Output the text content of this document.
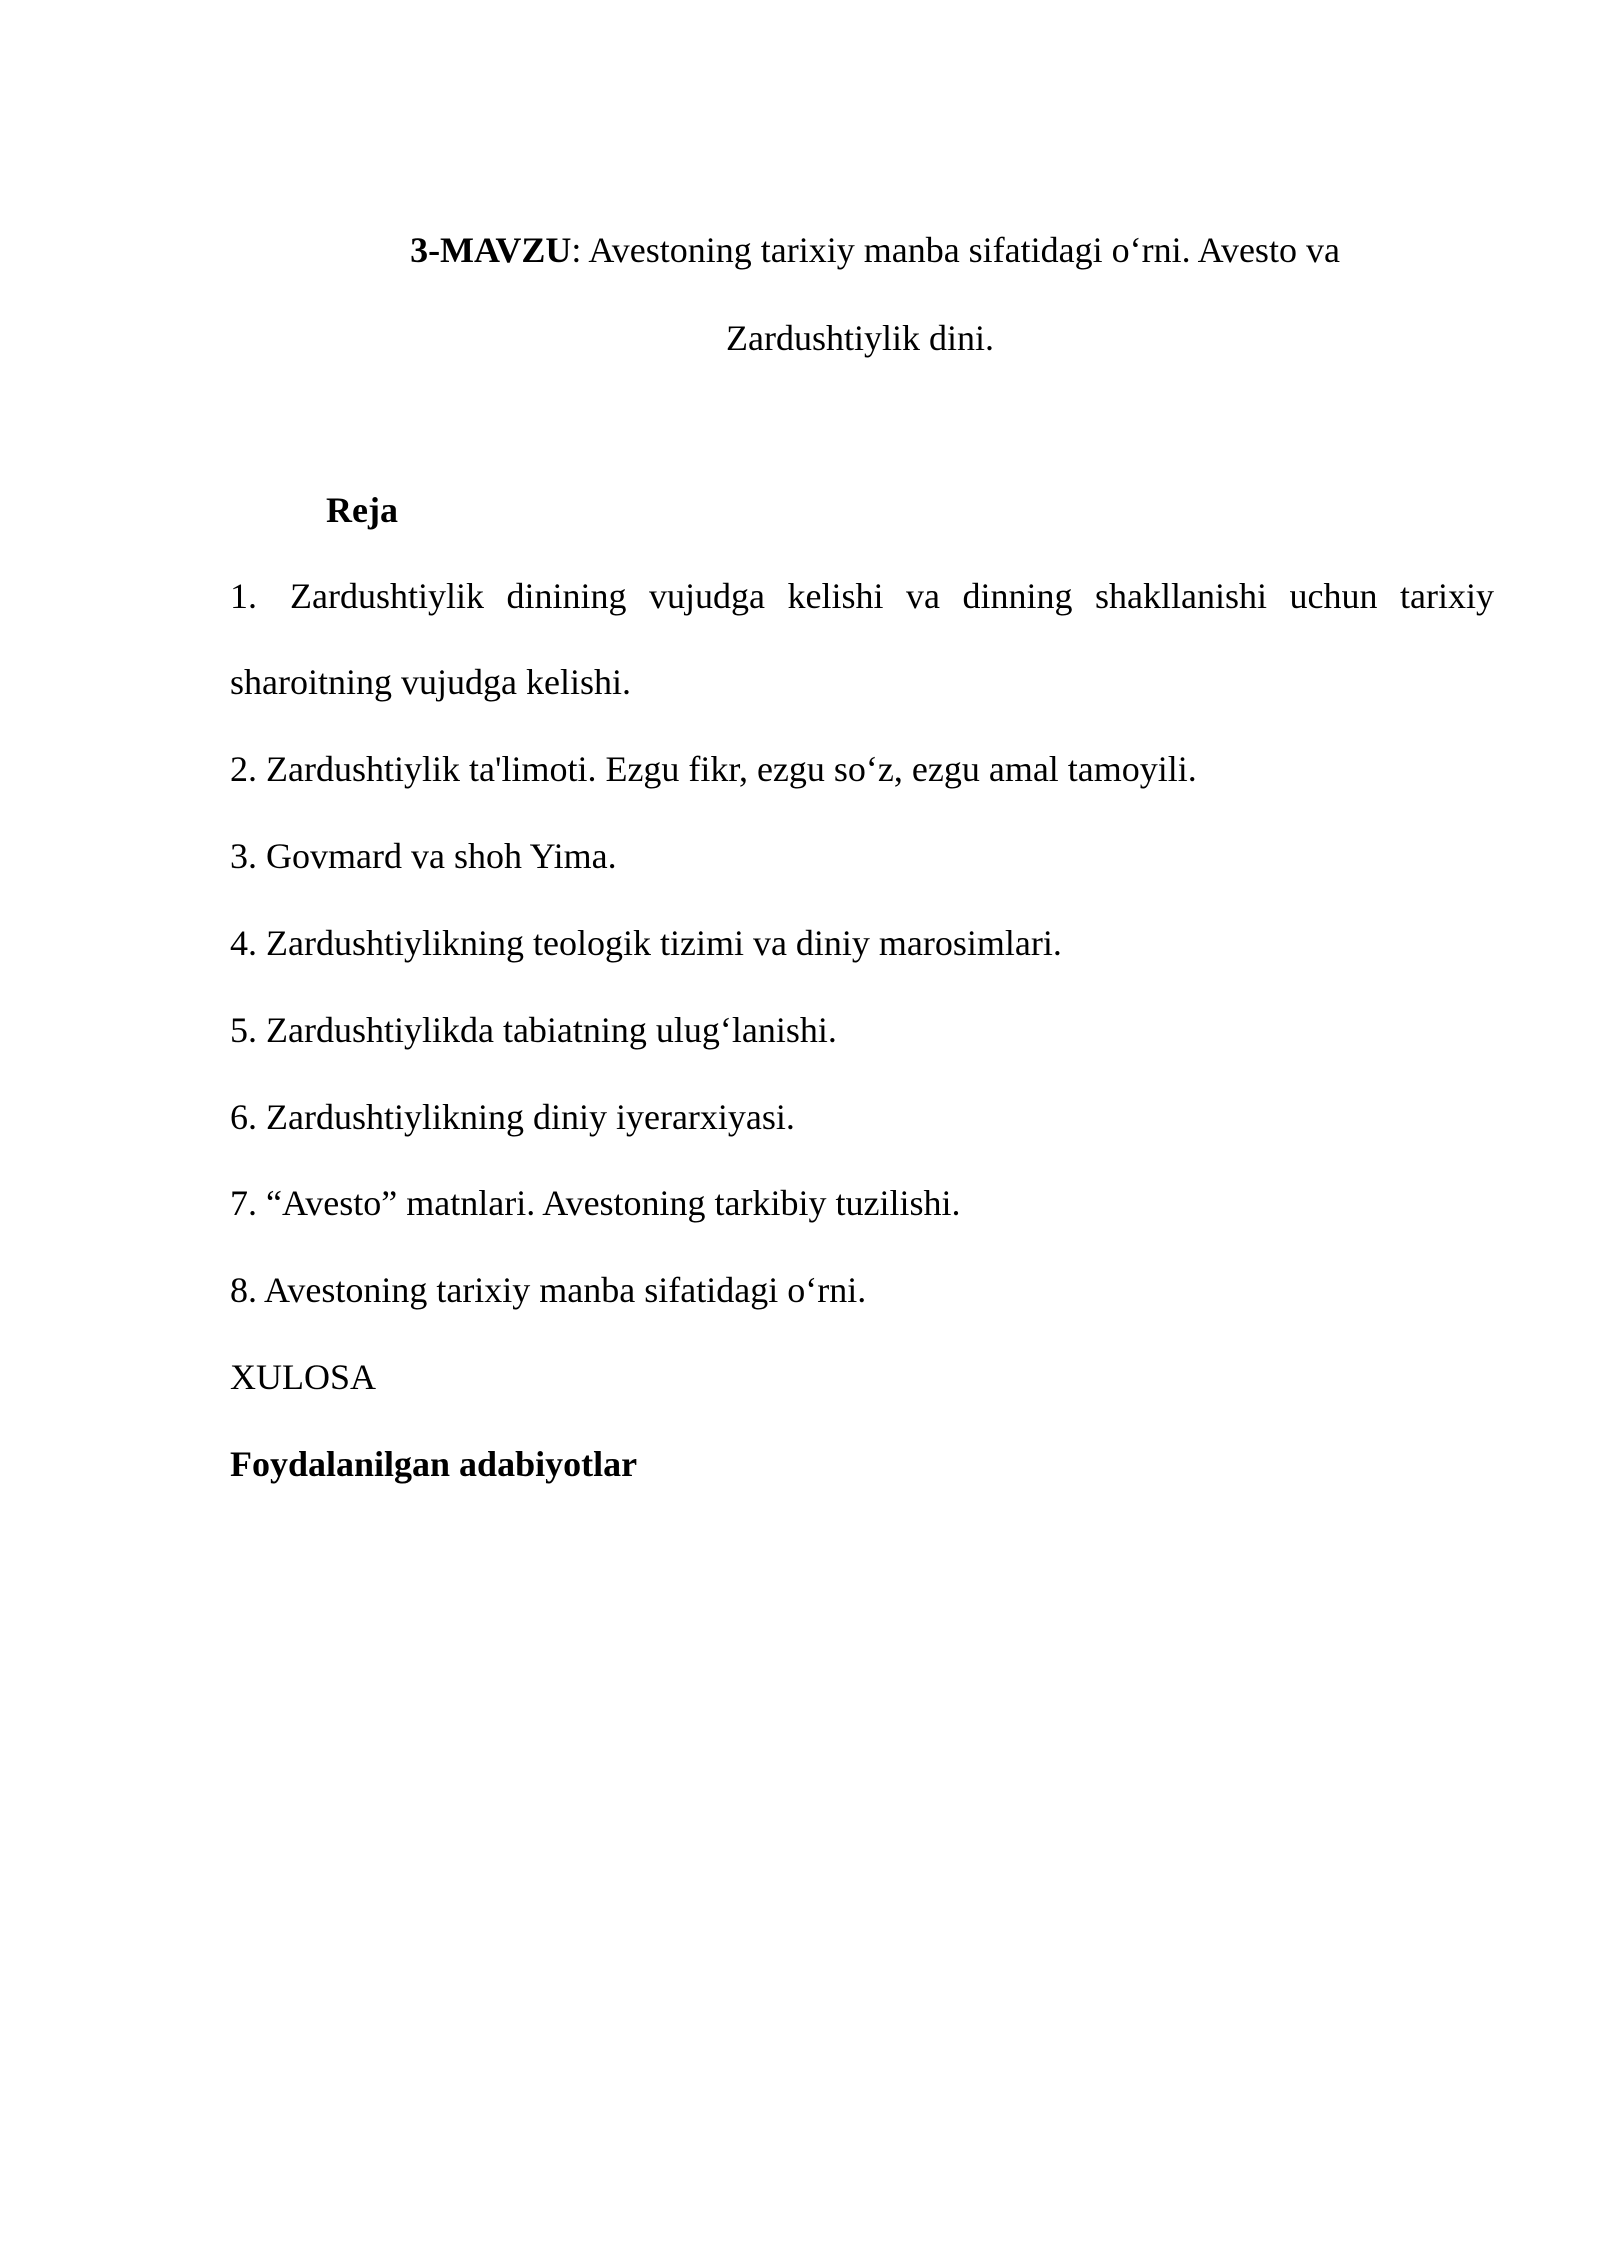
3-MAVZU: Avestoning tarixiy manba sifatidagi o‘rni. Avesto va

Zardushtiylik dini.

Reja

1. Zardushtiylik dinining vujudga kelishi va dinning shakllanishi uchun tarixiy

sharoitning vujudga kelishi.

2. Zardushtiylik ta'limoti. Ezgu fikr, ezgu so‘z, ezgu amal tamoyili.

3. Govmard va shoh Yima.

4. Zardushtiylikning teologik tizimi va diniy marosimlari.

5. Zardushtiylikda tabiatning ulug‘lanishi.

6. Zardushtiylikning diniy iyerarxiyasi.

7. “Avesto” matnlari. Avestoning tarkibiy tuzilishi.

8. Avestoning tarixiy manba sifatidagi o‘rni.

XULOSA

Foydalanilgan adabiyotlar
